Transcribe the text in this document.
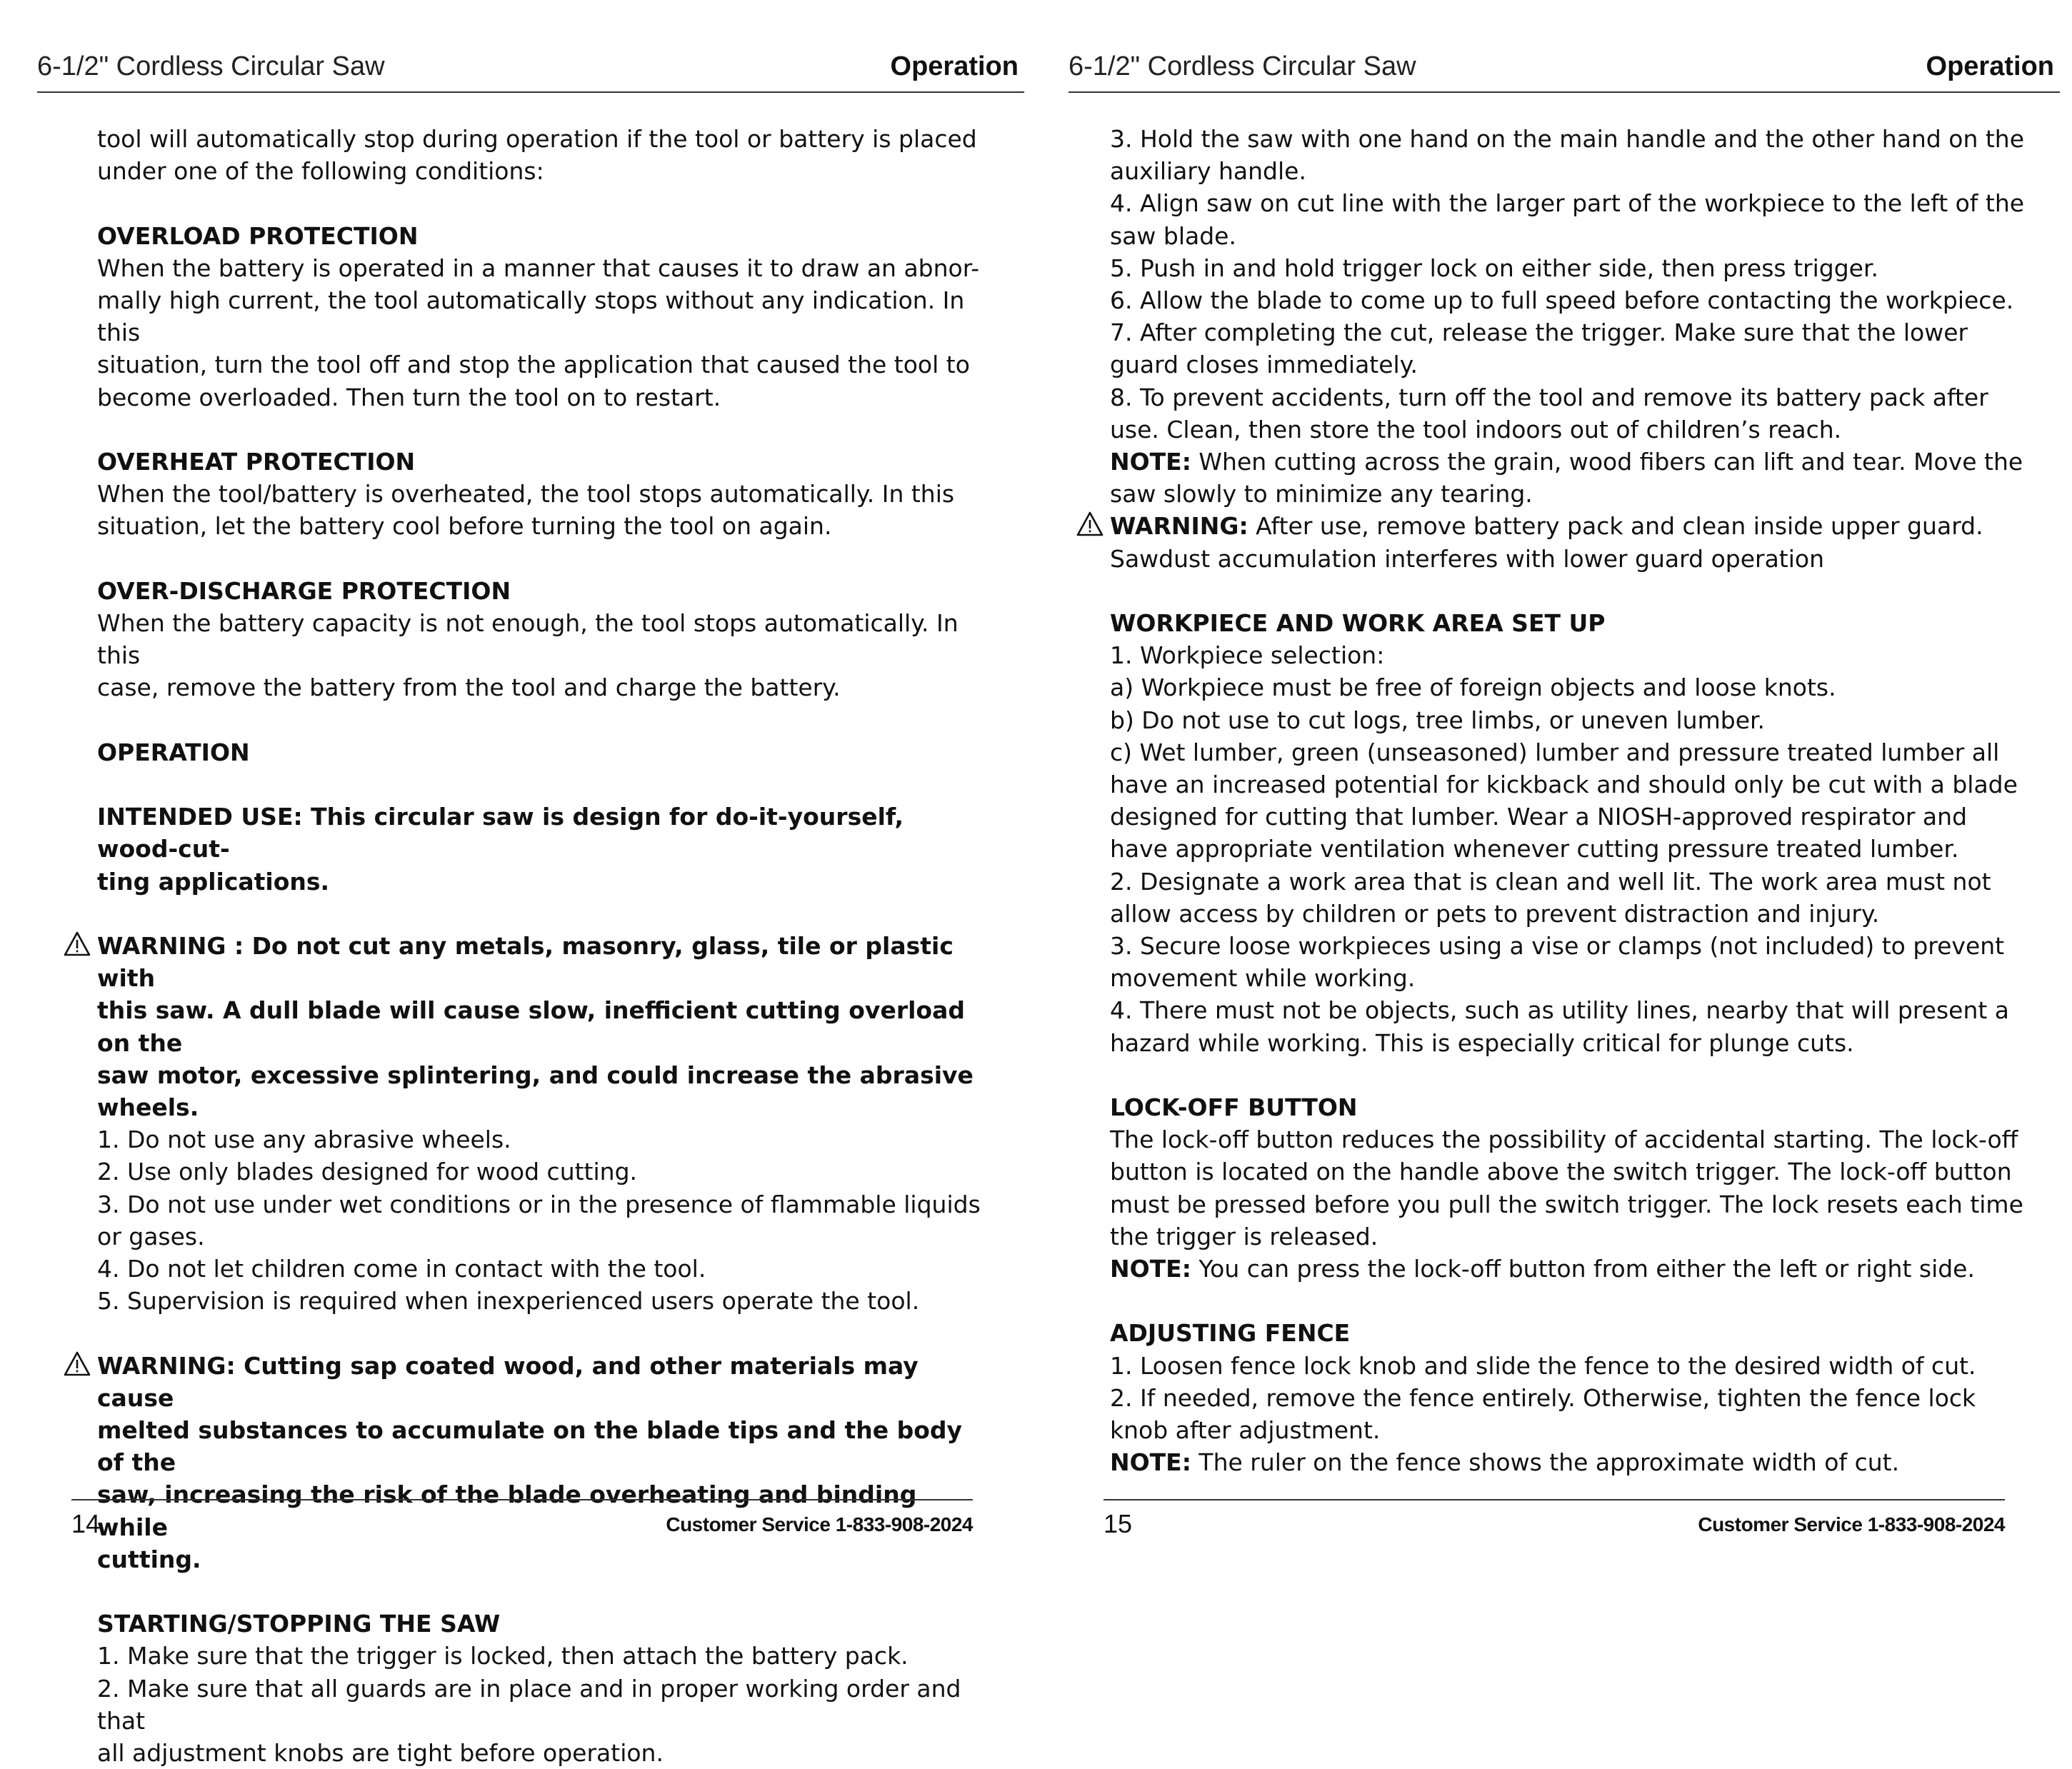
6-1/2" Cordless Circular Saw	Operation

tool will automatically stop during operation if the tool or battery is placed

under one of the following conditions:

OVERLOAD PROTECTION

When the battery is operated in a manner that causes it to draw an abnor-

mally high current, the tool automatically stops without any indication. In this

situation, turn the tool off and stop the application that caused the tool to

become overloaded. Then turn the tool on to restart.

OVERHEAT PROTECTION

When the tool/battery is overheated, the tool stops automatically. In this

situation, let the battery cool before turning the tool on again.

OVER-DISCHARGE PROTECTION

When the battery capacity is not enough, the tool stops automatically. In this

case, remove the battery from the tool and charge the battery.

OPERATION

INTENDED USE: This circular saw is design for do-it-yourself, wood-cut-

ting applications.

WARNING : Do not cut any metals, masonry, glass, tile or plastic with

this saw. A dull blade will cause slow, inefficient cutting overload on the

saw motor, excessive splintering, and could increase the abrasive

wheels.

1. Do not use any abrasive wheels.

2. Use only blades designed for wood cutting.

3. Do not use under wet conditions or in the presence of flammable liquids

or gases.

4. Do not let children come in contact with the tool.

5. Supervision is required when inexperienced users operate the tool.

WARNING: Cutting sap coated wood, and other materials may cause

melted substances to accumulate on the blade tips and the body of the

saw, increasing the risk of the blade overheating and binding while

cutting.

STARTING/STOPPING THE SAW

1. Make sure that the trigger is locked, then attach the battery pack.

2. Make sure that all guards are in place and in proper working order and that

all adjustment knobs are tight before operation.

14	Customer Service 1-833-908-2024
6-1/2" Cordless Circular Saw	Operation

3. Hold the saw with one hand on the main handle and the other hand on the

auxiliary handle.

4. Align saw on cut line with the larger part of the workpiece to the left of the

saw blade.

5. Push in and hold trigger lock on either side, then press trigger.

6. Allow the blade to come up to full speed before contacting the workpiece.

7. After completing the cut, release the trigger. Make sure that the lower

guard closes immediately.

8. To prevent accidents, turn off the tool and remove its battery pack after

use. Clean, then store the tool indoors out of children’s reach.

NOTE: When cutting across the grain, wood fibers can lift and tear. Move the

saw slowly to minimize any tearing.

WARNING: After use, remove battery pack and clean inside upper guard.

Sawdust accumulation interferes with lower guard operation

WORKPIECE AND WORK AREA SET UP

1. Workpiece selection:

a) Workpiece must be free of foreign objects and loose knots.

b) Do not use to cut logs, tree limbs, or uneven lumber.

c) Wet lumber, green (unseasoned) lumber and pressure treated lumber all

have an increased potential for kickback and should only be cut with a blade

designed for cutting that lumber. Wear a NIOSH-approved respirator and

have appropriate ventilation whenever cutting pressure treated lumber.

2. Designate a work area that is clean and well lit. The work area must not

allow access by children or pets to prevent distraction and injury.

3. Secure loose workpieces using a vise or clamps (not included) to prevent

movement while working.

4. There must not be objects, such as utility lines, nearby that will present a

hazard while working. This is especially critical for plunge cuts.

LOCK-OFF BUTTON

The lock-off button reduces the possibility of accidental starting. The lock-off

button is located on the handle above the switch trigger. The lock-off button

must be pressed before you pull the switch trigger. The lock resets each time

the trigger is released.

NOTE: You can press the lock-off button from either the left or right side.

ADJUSTING FENCE

1. Loosen fence lock knob and slide the fence to the desired width of cut.

2. If needed, remove the fence entirely. Otherwise, tighten the fence lock

knob after adjustment.

NOTE: The ruler on the fence shows the approximate width of cut.

15	Customer Service 1-833-908-2024
